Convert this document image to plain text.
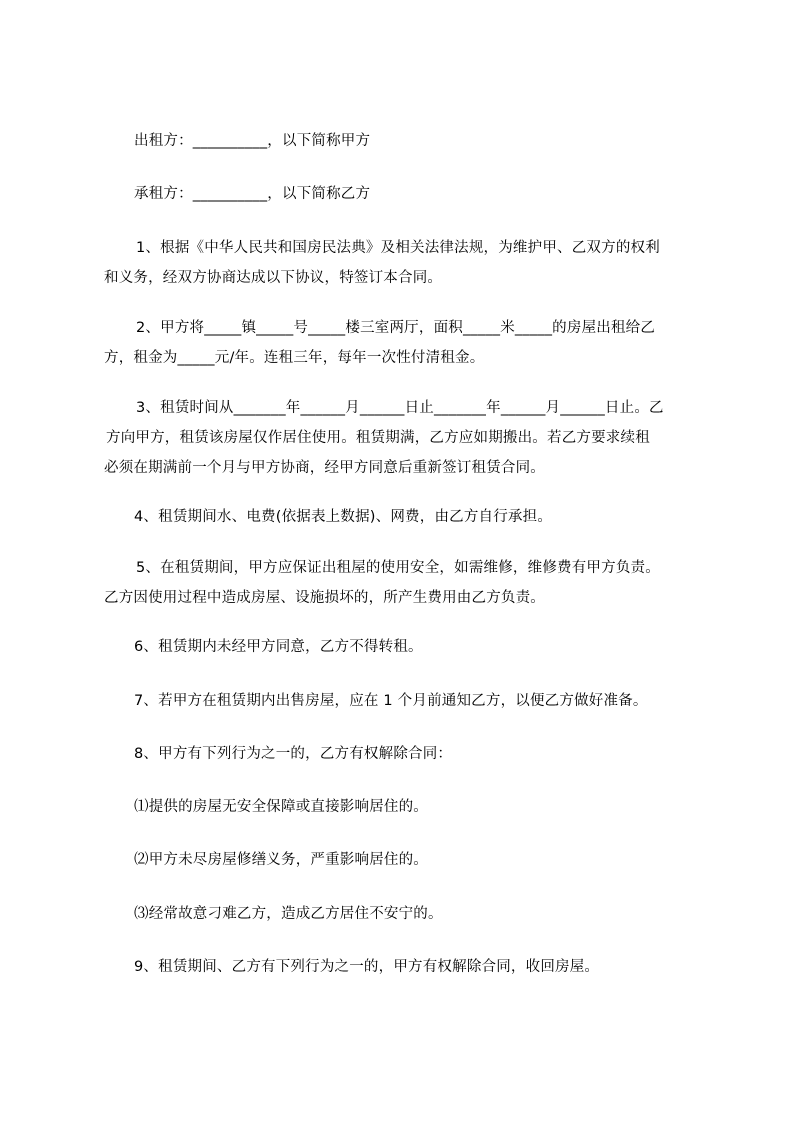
出租方：__________，以下简称甲方
承租方：__________，以下简称乙方
1、根据《中华人民共和国房民法典》及相关法律法规，为维护甲、乙双方的权利
和义务，经双方协商达成以下协议，特签订本合同。
2、甲方将_____镇_____号_____楼三室两厅，面积_____米_____的房屋出租给乙
方，租金为_____元/年。连租三年，每年一次性付清租金。
3、租赁时间从_______年______月______日止_______年______月______日止。乙
方向甲方，租赁该房屋仅作居住使用。租赁期满，乙方应如期搬出。若乙方要求续租
必须在期满前一个月与甲方协商，经甲方同意后重新签订租赁合同。
4、租赁期间水、电费(依据表上数据)、网费，由乙方自行承担。
5、在租赁期间，甲方应保证出租屋的使用安全，如需维修，维修费有甲方负责。
乙方因使用过程中造成房屋、设施损坏的，所产生费用由乙方负责。
6、租赁期内未经甲方同意，乙方不得转租。
7、若甲方在租赁期内出售房屋，应在 1 个月前通知乙方，以便乙方做好准备。
8、甲方有下列行为之一的，乙方有权解除合同：
⑴提供的房屋无安全保障或直接影响居住的。
⑵甲方未尽房屋修缮义务，严重影响居住的。
⑶经常故意刁难乙方，造成乙方居住不安宁的。
9、租赁期间、乙方有下列行为之一的，甲方有权解除合同，收回房屋。
